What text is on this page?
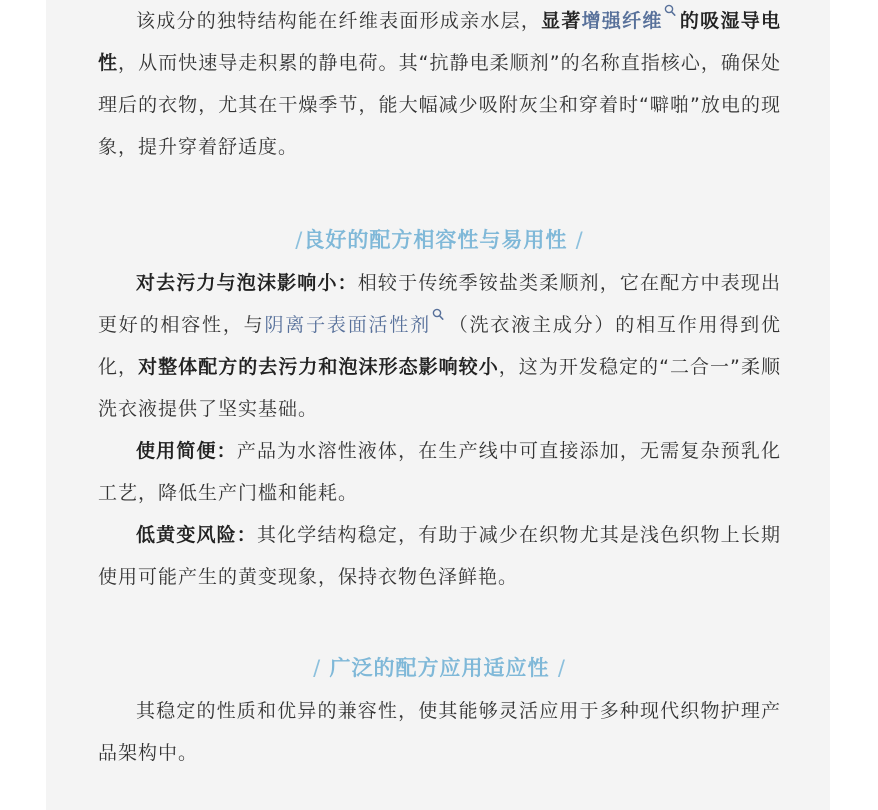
该成分的独特结构能在纤维表面形成亲水层，显著增强纤维 的吸湿导电性，从而快速导走积累的静电荷。其“抗静电柔顺剂”的名称直指核心，确保处理后的衣物，尤其在干燥季节，能大幅减少吸附灰尘和穿着时“噼啪”放电的现象，提升穿着舒适度。

/良好的配方相容性与易用性 /

对去污力与泡沫影响小：相较于传统季铵盐类柔顺剂，它在配方中表现出更好的相容性，与阴离子表面活性剂 （洗衣液主成分）的相互作用得到优化，对整体配方的去污力和泡沫形态影响较小，这为开发稳定的“二合一”柔顺洗衣液提供了坚实基础。

使用简便：产品为水溶性液体，在生产线中可直接添加，无需复杂预乳化工艺，降低生产门槛和能耗。

低黄变风险：其化学结构稳定，有助于减少在织物尤其是浅色织物上长期使用可能产生的黄变现象，保持衣物色泽鲜艳。

/ 广泛的配方应用适应性 /

其稳定的性质和优异的兼容性，使其能够灵活应用于多种现代织物护理产品架构中。
